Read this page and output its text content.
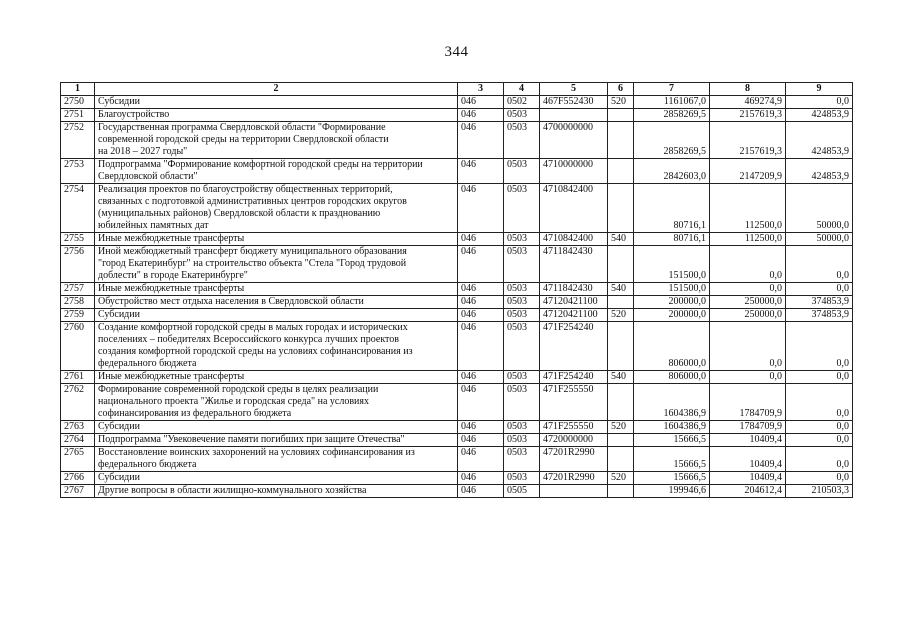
344
1	2	3	4	5	6	7	8	9
2750	Субсидии	046	0502	467F552430	520	1161067,0	469274,9	0,0
2751	Благоустройство	046	0503			2858269,5	2157619,3	424853,9
2752	Государственная программа Свердловской области "Формирование
современной городской среды на территории Свердловской области
на 2018 – 2027 годы"	046	0503	4700000000		2858269,5	2157619,3	424853,9
2753	Подпрограмма "Формирование комфортной городской среды на территории
Свердловской области"	046	0503	4710000000		2842603,0	2147209,9	424853,9
2754	Реализация проектов по благоустройству общественных территорий,
связанных с подготовкой административных центров городских округов
(муниципальных районов) Свердловской области к празднованию
юбилейных памятных дат	046	0503	4710842400		80716,1	112500,0	50000,0
2755	Иные межбюджетные трансферты	046	0503	4710842400	540	80716,1	112500,0	50000,0
2756	Иной межбюджетный трансферт бюджету муниципального образования
"город Екатеринбург" на строительство объекта "Стела "Город трудовой
доблести" в городе Екатеринбурге"	046	0503	4711842430		151500,0	0,0	0,0
2757	Иные межбюджетные трансферты	046	0503	4711842430	540	151500,0	0,0	0,0
2758	Обустройство мест отдыха населения в Свердловской области	046	0503	47120421100		200000,0	250000,0	374853,9
2759	Субсидии	046	0503	47120421100	520	200000,0	250000,0	374853,9
2760	Создание комфортной городской среды в малых городах и исторических
поселениях – победителях Всероссийского конкурса лучших проектов
создания комфортной городской среды на условиях софинансирования из
федерального бюджета	046	0503	471F254240		806000,0	0,0	0,0
2761	Иные межбюджетные трансферты	046	0503	471F254240	540	806000,0	0,0	0,0
2762	Формирование современной городской среды в целях реализации
национального проекта "Жилье и городская среда" на условиях
софинансирования из федерального бюджета	046	0503	471F255550		1604386,9	1784709,9	0,0
2763	Субсидии	046	0503	471F255550	520	1604386,9	1784709,9	0,0
2764	Подпрограмма "Увековечение памяти погибших при защите Отечества"	046	0503	4720000000		15666,5	10409,4	0,0
2765	Восстановление воинских захоронений на условиях софинансирования из
федерального бюджета	046	0503	47201R2990		15666,5	10409,4	0,0
2766	Субсидии	046	0503	47201R2990	520	15666,5	10409,4	0,0
2767	Другие вопросы в области жилищно-коммунального хозяйства	046	0505			199946,6	204612,4	210503,3
